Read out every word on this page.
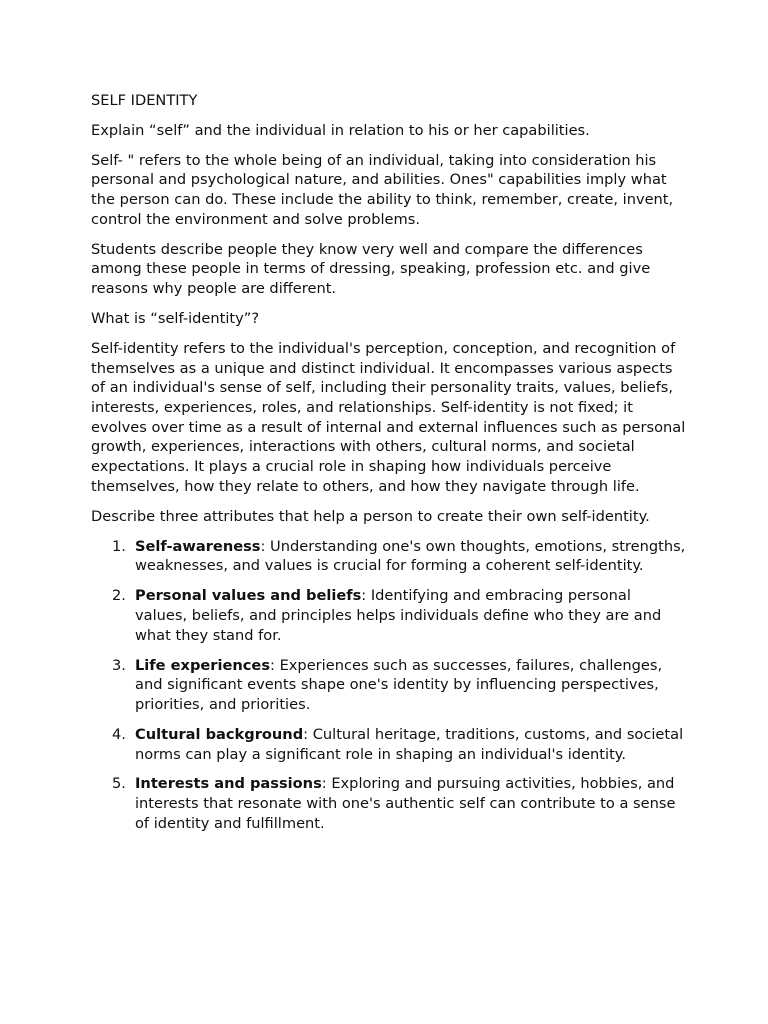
SELF IDENTITY

Explain “self” and the individual in relation to his or her capabilities.

Self- " refers to the whole being of an individual, taking into consideration his personal and psychological nature, and abilities. Ones" capabilities imply what the person can do. These include the ability to think, remember, create, invent, control the environment and solve problems.

Students describe people they know very well and compare the differences among these people in terms of dressing, speaking, profession etc. and give reasons why people are different.

What is “self-identity”?

Self-identity refers to the individual's perception, conception, and recognition of themselves as a unique and distinct individual. It encompasses various aspects of an individual's sense of self, including their personality traits, values, beliefs, interests, experiences, roles, and relationships. Self-identity is not fixed; it evolves over time as a result of internal and external influences such as personal growth, experiences, interactions with others, cultural norms, and societal expectations. It plays a crucial role in shaping how individuals perceive themselves, how they relate to others, and how they navigate through life.

Describe three attributes that help a person to create their own self-identity.

1. Self-awareness: Understanding one's own thoughts, emotions, strengths, weaknesses, and values is crucial for forming a coherent self-identity.
2. Personal values and beliefs: Identifying and embracing personal values, beliefs, and principles helps individuals define who they are and what they stand for.
3. Life experiences: Experiences such as successes, failures, challenges, and significant events shape one's identity by influencing perspectives, priorities, and priorities.
4. Cultural background: Cultural heritage, traditions, customs, and societal norms can play a significant role in shaping an individual's identity.
5. Interests and passions: Exploring and pursuing activities, hobbies, and interests that resonate with one's authentic self can contribute to a sense of identity and fulfillment.
